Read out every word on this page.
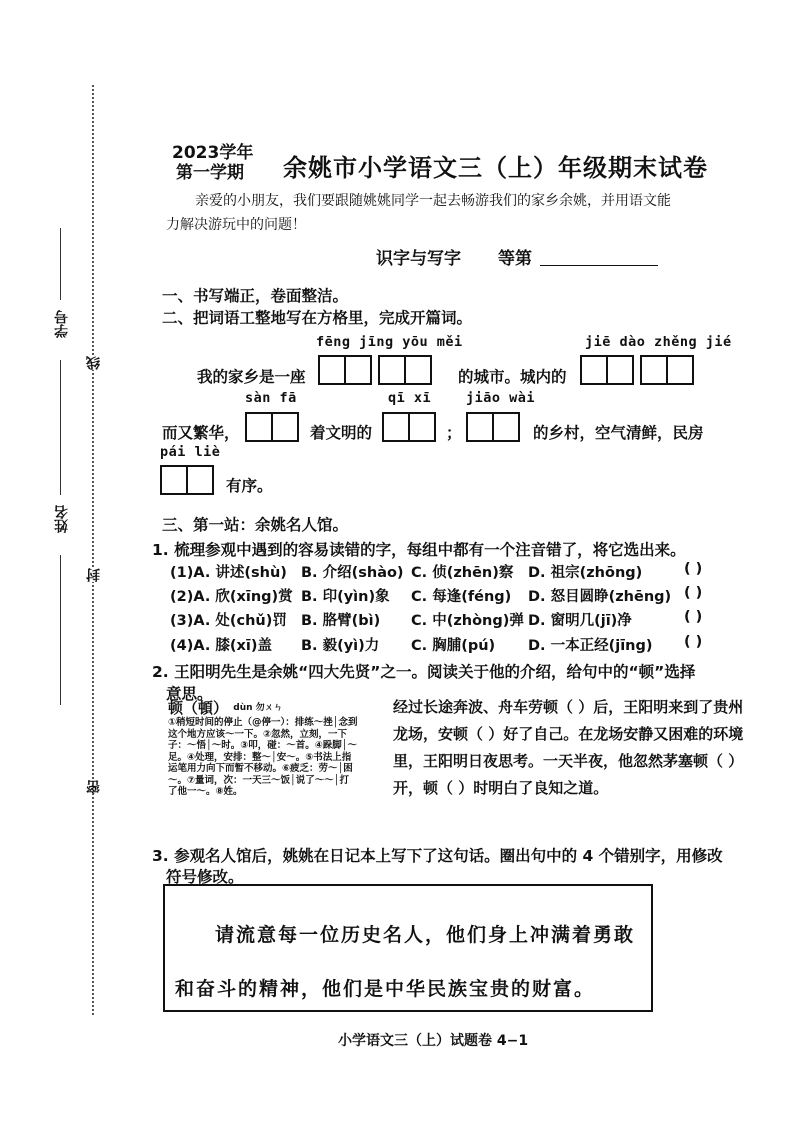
学号
姓名
线
封
密
2023学年
第一学期 余姚市小学语文三（上）年级期末试卷
亲爱的小朋友，我们要跟随姚姚同学一起去畅游我们的家乡余姚，并用语文能
力解决游玩中的问题！
识字与写字 等第
一、书写端正，卷面整洁。
二、把词语工整地写在方格里，完成开篇词。
fēng jīng yōu měi	jiē dào zhěng jié
我的家乡是一座	的城市。城内的
sàn fā	qī xī	jiāo wài
而又繁华，	着文明的	；	的乡村，空气清鲜，民房
pái liè
有序。
三、第一站：余姚名人馆。
1. 梳理参观中遇到的容易读错的字，每组中都有一个注音错了，将它选出来。
(1)A. 讲述(shù) B. 介绍(shào) C. 侦(zhēn)察 D. 祖宗(zhōng)	( )
(2)A. 欣(xīng)赏 B. 印(yìn)象 C. 每逢(féng) D. 怒目圆睁(zhēng) ( )
(3)A. 处(chǔ)罚 B. 胳臂(bì) C. 中(zhòng)弹 D. 窗明几(jī)净	( )
(4)A. 膝(xī)盖 B. 毅(yì)力 C. 胸脯(pú) D. 一本正经(jīng) ( )
2. 王阳明先生是余姚“四大先贤”之一。阅读关于他的介绍，给句中的“顿”选择
意思。
顿（頓） $^{dùn 勿ㄨㄣ}$
①稍短时间的停止（@停一）：排练～挫│念到这个地方应该～一下。②忽然，立刻，一下子：～悟│～时。③叩，碰：～首。④跺脚│～足。④处理，安排：整～│安～。⑤书法上指运笔用力向下而暂不移动。⑥疲乏：劳～│困～。⑦量词，次：一天三～饭│说了～～│打了他一～。⑧姓。
经过长途奔波、舟车劳顿（ ）后，王阳明来到了贵州龙场，安顿（ ）好了自己。在龙场安静又困难的环境里，王阳明日夜思考。一天半夜，他忽然茅塞顿（ ）开，顿（ ）时明白了良知之道。
3. 参观名人馆后，姚姚在日记本上写下了这句话。圈出句中的 4 个错别字，用修改
符号修改。
请流意每一位历史名人，他们身上冲满着勇敢
和奋斗的精神，他们是中华民族宝贵的财富。
小学语文三（上）试题卷 4−1
